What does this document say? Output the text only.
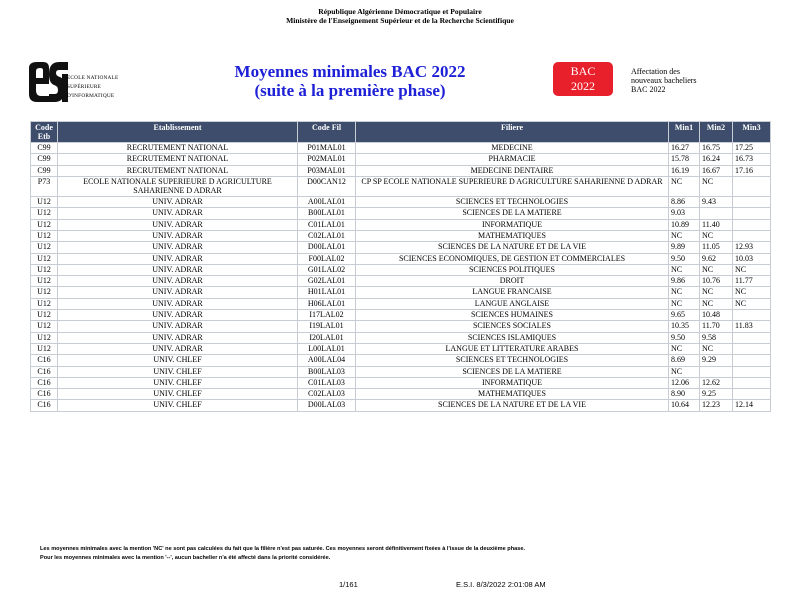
République Algérienne Démocratique et Populaire
Ministère de l'Enseignement Supérieur et de la Recherche Scientifique
ECOLE NATIONALE
SUPÉRIEURE
D'INFORMATIQUE
Moyennes minimales BAC 2022
(suite à la première phase)
BAC
2022
Affectation des
nouveaux bacheliers
BAC 2022
Code Etb	Etablissement	Code Fil	Filiere	Min1	Min2	Min3
C99	RECRUTEMENT NATIONAL	P01MAL01	MEDECINE	16.27	16.75	17.25
C99	RECRUTEMENT NATIONAL	P02MAL01	PHARMACIE	15.78	16.24	16.73
C99	RECRUTEMENT NATIONAL	P03MAL01	MEDECINE DENTAIRE	16.19	16.67	17.16
P73	ECOLE NATIONALE SUPERIEURE D AGRICULTURE SAHARIENNE D ADRAR	D00CAN12	CP SP ECOLE NATIONALE SUPERIEURE D AGRICULTURE SAHARIENNE D ADRAR	NC	NC	
U12	UNIV. ADRAR	A00LAL01	SCIENCES ET TECHNOLOGIES	8.86	9.43	
U12	UNIV. ADRAR	B00LAL01	SCIENCES DE LA MATIERE	9.03		
U12	UNIV. ADRAR	C01LAL01	INFORMATIQUE	10.89	11.40	
U12	UNIV. ADRAR	C02LAL01	MATHEMATIQUES	NC	NC	
U12	UNIV. ADRAR	D00LAL01	SCIENCES DE LA NATURE ET DE LA VIE	9.89	11.05	12.93
U12	UNIV. ADRAR	F00LAL02	SCIENCES ECONOMIQUES, DE GESTION ET COMMERCIALES	9.50	9.62	10.03
U12	UNIV. ADRAR	G01LAL02	SCIENCES POLITIQUES	NC	NC	NC
U12	UNIV. ADRAR	G02LAL01	DROIT	9.86	10.76	11.77
U12	UNIV. ADRAR	H01LAL01	LANGUE FRANCAISE	NC	NC	NC
U12	UNIV. ADRAR	H06LAL01	LANGUE ANGLAISE	NC	NC	NC
U12	UNIV. ADRAR	I17LAL02	SCIENCES HUMAINES	9.65	10.48	
U12	UNIV. ADRAR	I19LAL01	SCIENCES SOCIALES	10.35	11.70	11.83
U12	UNIV. ADRAR	I20LAL01	SCIENCES ISLAMIQUES	9.50	9.58	
U12	UNIV. ADRAR	L00LAL01	LANGUE ET LITTERATURE ARABES	NC	NC	
C16	UNIV. CHLEF	A00LAL04	SCIENCES ET TECHNOLOGIES	8.69	9.29	
C16	UNIV. CHLEF	B00LAL03	SCIENCES DE LA MATIERE	NC		
C16	UNIV. CHLEF	C01LAL03	INFORMATIQUE	12.06	12.62	
C16	UNIV. CHLEF	C02LAL03	MATHEMATIQUES	8.90	9.25	
C16	UNIV. CHLEF	D00LAL03	SCIENCES DE LA NATURE ET DE LA VIE	10.64	12.23	12.14
Les moyennes minimales avec la mention 'NC' ne sont pas calculées du fait que la filière n'est pas saturée. Ces moyennes seront définitivement fixées à l'issue de la deuxième phase.
Pour les moyennes minimales avec la mention '--', aucun bachelier n'a été affecté dans la priorité considérée.
1/161	E.S.I. 8/3/2022 2:01:08 AM
